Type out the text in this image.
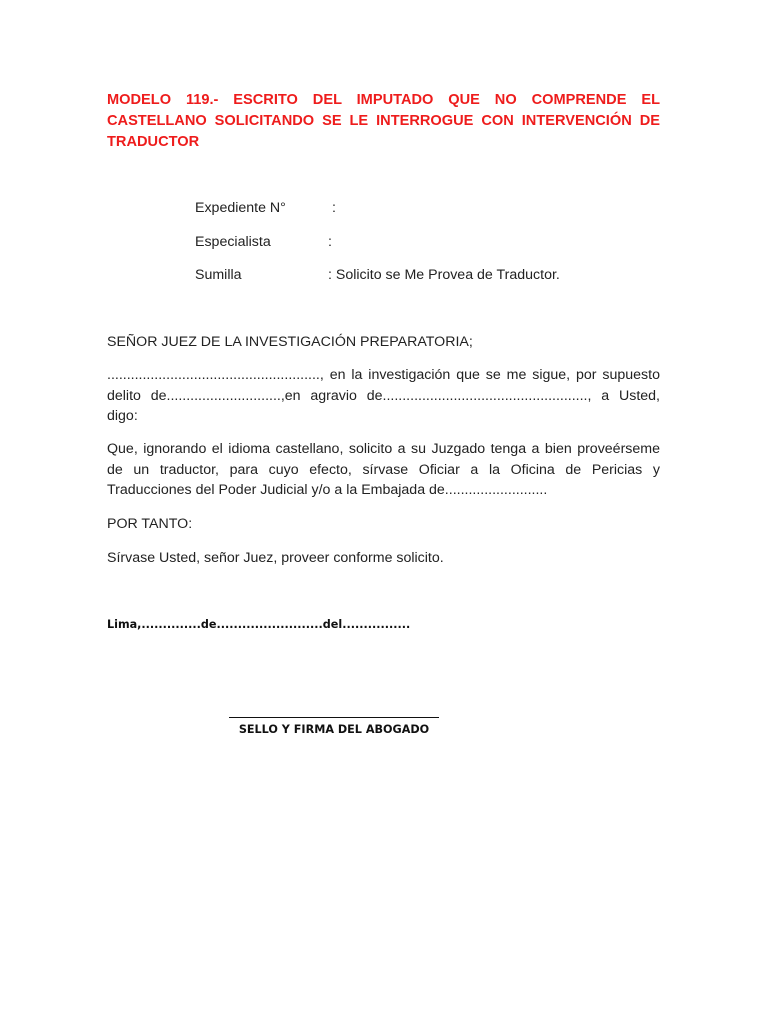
MODELO 119.- ESCRITO DEL IMPUTADO QUE NO COMPRENDE EL CASTELLANO SOLICITANDO SE LE INTERROGUE CON INTERVENCIÓN DE TRADUCTOR
Expediente N°	:
Especialista	:
Sumilla	: Solicito se Me Provea de Traductor.
SEÑOR JUEZ DE LA INVESTIGACIÓN PREPARATORIA;
......................................................, en la investigación que se me sigue, por supuesto delito de.............................,en agravio de...................................................., a Usted, digo:
Que, ignorando el idioma castellano, solicito a su Juzgado tenga a bien proveérseme de un traductor, para cuyo efecto, sírvase Oficiar a la Oficina de Pericias y Traducciones del Poder Judicial y/o a la Embajada de..........................
POR TANTO:
Sírvase Usted, señor Juez, proveer conforme solicito.
Lima,..............de.........................del................
SELLO Y FIRMA DEL ABOGADO
